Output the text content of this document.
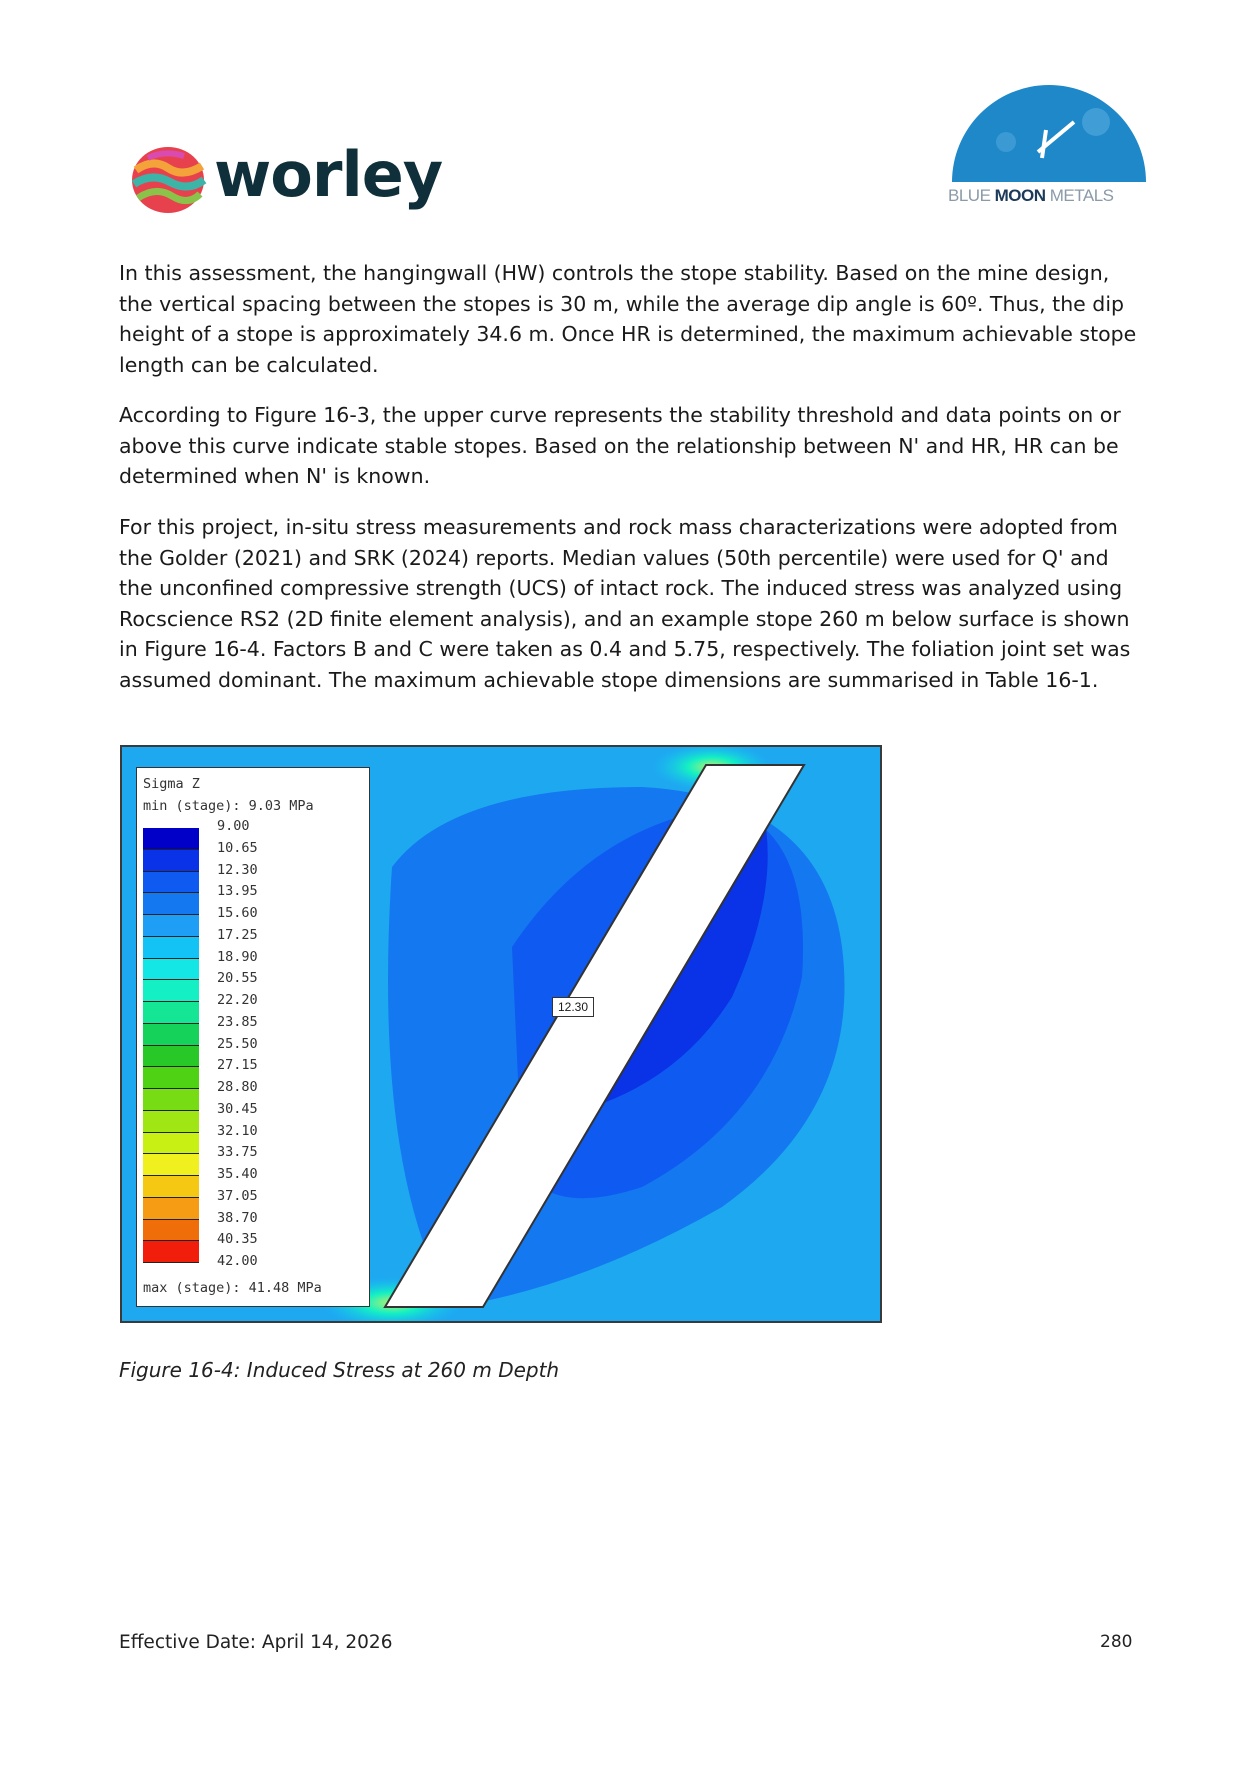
worley	BLUE MOON METALS

In this assessment, the hangingwall (HW) controls the stope stability. Based on the mine design, the vertical spacing between the stopes is 30 m, while the average dip angle is 60º. Thus, the dip height of a stope is approximately 34.6 m. Once HR is determined, the maximum achievable stope length can be calculated.

According to Figure 16-3, the upper curve represents the stability threshold and data points on or above this curve indicate stable stopes. Based on the relationship between N' and HR, HR can be determined when N' is known.

For this project, in-situ stress measurements and rock mass characterizations were adopted from the Golder (2021) and SRK (2024) reports. Median values (50th percentile) were used for Q' and the unconfined compressive strength (UCS) of intact rock. The induced stress was analyzed using Rocscience RS2 (2D finite element analysis), and an example stope 260 m below surface is shown in Figure 16-4. Factors B and C were taken as 0.4 and 5.75, respectively. The foliation joint set was assumed dominant. The maximum achievable stope dimensions are summarised in Table 16-1.

Sigma Z
min (stage): 9.03 MPa
9.00
10.65
12.30
13.95
15.60
17.25
18.90
20.55
22.20
23.85
25.50
27.15
28.80
30.45
32.10
33.75
35.40
37.05
38.70
40.35
42.00
max (stage): 41.48 MPa
12.30
Figure 16-4: Induced Stress at 260 m Depth
Effective Date: April 14, 2026	280
